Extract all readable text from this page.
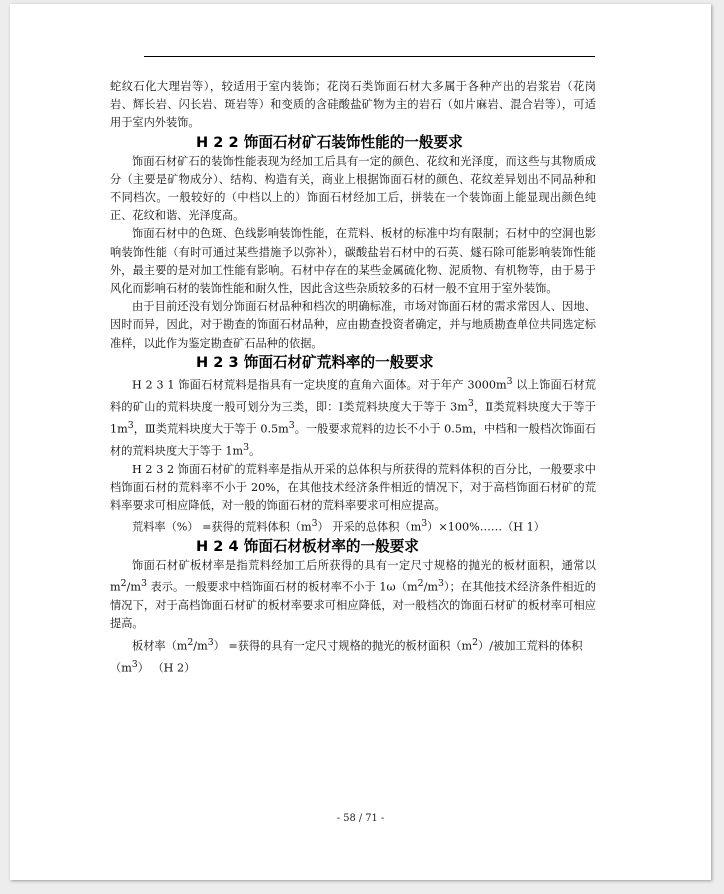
蛇纹石化大理岩等），较适用于室内装饰；花岗石类饰面石材大多属于各种产出的岩浆岩（花岗岩、辉长岩、闪长岩、斑岩等）和变质的含硅酸盐矿物为主的岩石（如片麻岩、混合岩等），可适用于室内外装饰。

H 2 2 饰面石材矿石装饰性能的一般要求

饰面石材矿石的装饰性能表现为经加工后具有一定的颜色、花纹和光泽度，而这些与其物质成分（主要是矿物成分）、结构、构造有关，商业上根据饰面石材的颜色、花纹差异划出不同品种和不同档次。一般较好的（中档以上的）饰面石材经加工后，拼装在一个装饰面上能显现出颜色纯正、花纹和谐、光泽度高。

饰面石材中的色斑、色线影响装饰性能，在荒料、板材的标准中均有限制；石材中的空洞也影响装饰性能（有时可通过某些措施予以弥补），碳酸盐岩石材中的石英、燧石除可能影响装饰性能外，最主要的是对加工性能有影响。石材中存在的某些金属硫化物、泥质物、有机物等，由于易于风化而影响石材的装饰性能和耐久性，因此含这些杂质较多的石材一般不宜用于室外装饰。

由于目前还没有划分饰面石材品种和档次的明确标准，市场对饰面石材的需求常因人、因地、因时而异，因此，对于勘查的饰面石材品种，应由勘查投资者确定，并与地质勘查单位共同选定标准样，以此作为鉴定勘查矿石品种的依据。

H 2 3 饰面石材矿荒料率的一般要求

H 2 3 1 饰面石材荒料是指具有一定块度的直角六面体。对于年产 $3000m^3$ 以上饰面石材荒料的矿山的荒料块度一般可划分为三类，即：Ⅰ类荒料块度大于等于 $3m^3$，Ⅱ类荒料块度大于等于 $1m^3$，Ⅲ类荒料块度大于等于 $0.5m^3$。一般要求荒料的边长不小于 0.5m，中档和一般档次饰面石材的荒料块度大于等于 $1m^3$。

H 2 3 2 饰面石材矿的荒料率是指从开采的总体积与所获得的荒料体积的百分比，一般要求中档饰面石材的荒料率不小于 20%，在其他技术经济条件相近的情况下，对于高档饰面石材矿的荒料率要求可相应降低，对一般的饰面石材的荒料率要求可相应提高。

荒料率（%） =获得的荒料体积$(m^3)$ 开采的总体积$(m^3)\times 100\%\dots\dots(H$ 1）

H 2 4 饰面石材板材率的一般要求

饰面石材矿板材率是指荒料经加工后所获得的具有一定尺寸规格的抛光的板材面积，通常以 $m^2/m^3$ 表示。一般要求中档饰面石材的板材率不小于 $1\omega(m^2/m^3)$；在其他技术经济条件相近的情况下，对于高档饰面石材矿的板材率要求可相应降低，对一般档次的饰面石材矿的板材率可相应提高。

板材率$(m^2/m^3)$ =获得的具有一定尺寸规格的抛光的板材面积$(m^2)/$被加工荒料的体积$(m^3)$ （H 2）

- 58 / 71 -
